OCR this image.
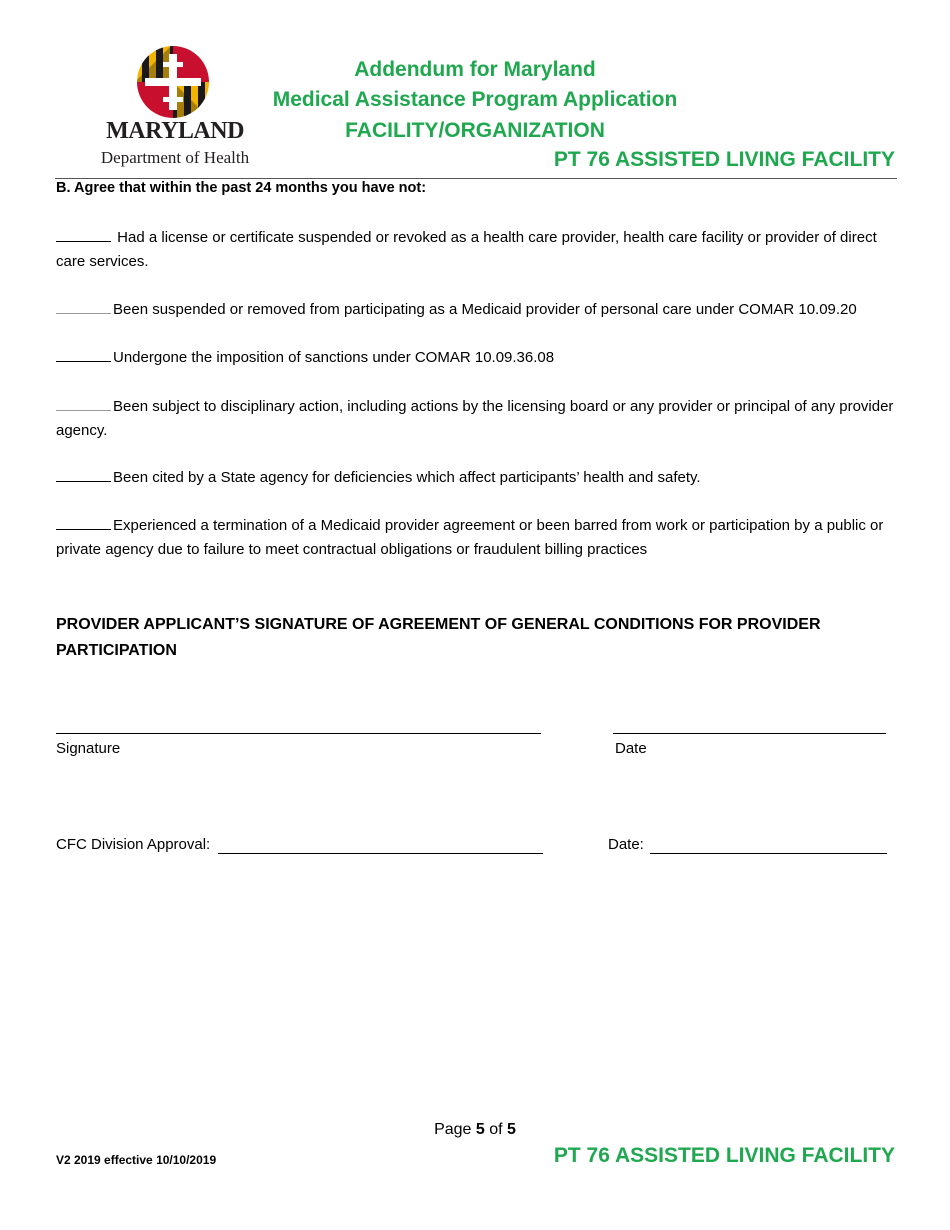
MARYLAND
Department of Health
Addendum for Maryland
Medical Assistance Program Application
FACILITY/ORGANIZATION
PT 76 ASSISTED LIVING FACILITY
B. Agree that within the past 24 months you have not:
Had a license or certificate suspended or revoked as a health care provider, health care facility or provider of direct care services.
Been suspended or removed from participating as a Medicaid provider of personal care under COMAR 10.09.20
Undergone the imposition of sanctions under COMAR 10.09.36.08
Been subject to disciplinary action, including actions by the licensing board or any provider or principal of any provider agency.
Been cited by a State agency for deficiencies which affect participants’ health and safety.
Experienced a termination of a Medicaid provider agreement or been barred from work or participation by a public or private agency due to failure to meet contractual obligations or fraudulent billing practices
PROVIDER APPLICANT’S SIGNATURE OF AGREEMENT OF GENERAL CONDITIONS FOR PROVIDER PARTICIPATION
Signature	Date
CFC Division Approval:	Date:
Page 5 of 5
V2 2019 effective 10/10/2019	PT 76 ASSISTED LIVING FACILITY
